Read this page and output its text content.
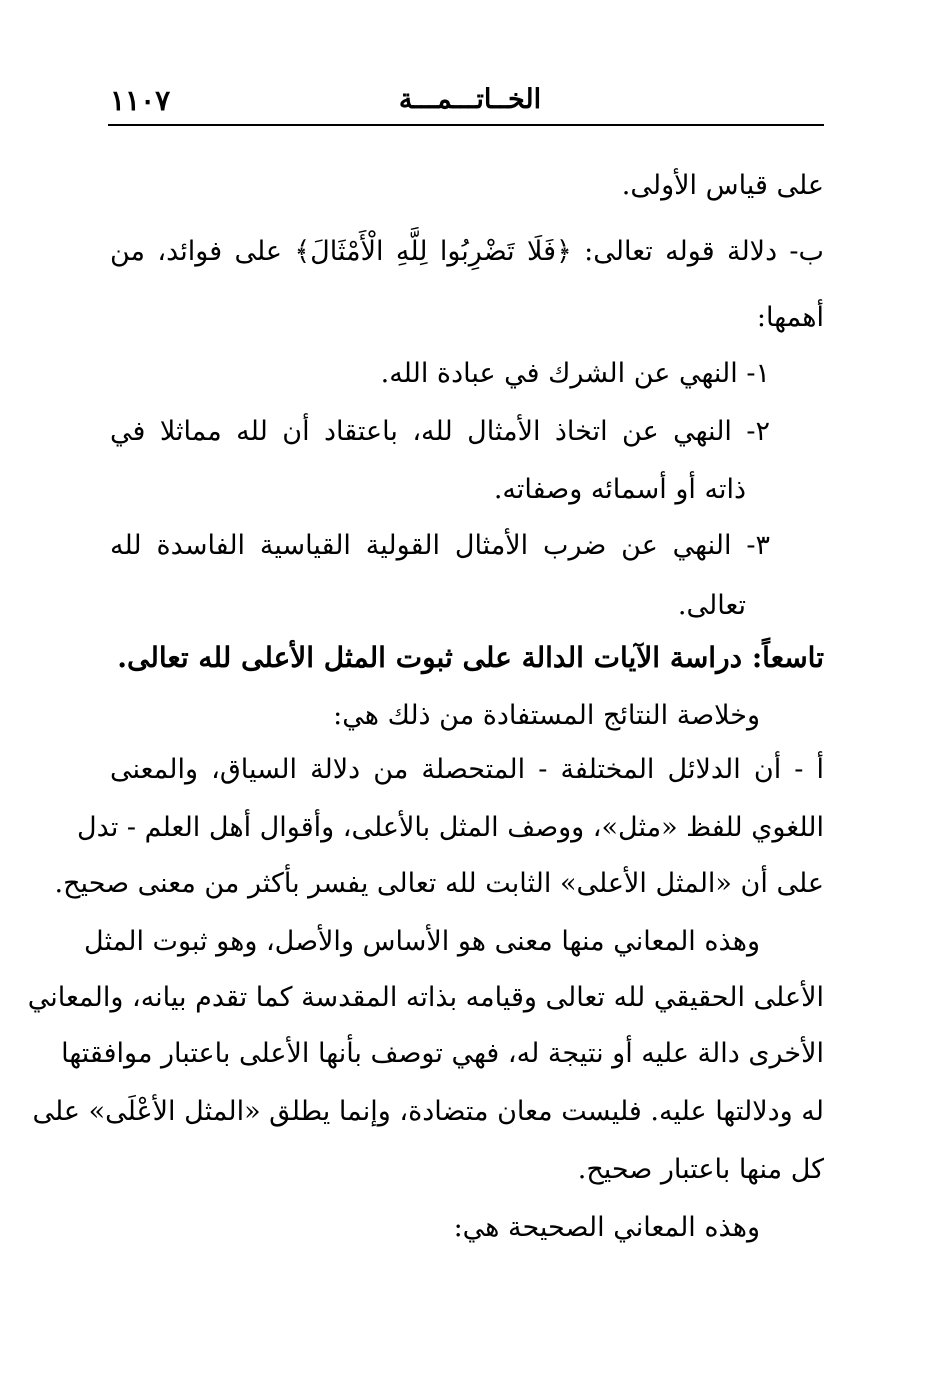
١١٠٧	الخــاتـــمـــة
على قياس الأولى.
ب- دلالة قوله تعالى: ﴿فَلَا تَضْرِبُوا لِلَّهِ الْأَمْثَالَ﴾ على فوائد، من
أهمها:
١- النهي عن الشرك في عبادة الله.
٢- النهي عن اتخاذ الأمثال لله، باعتقاد أن لله مماثلا في
ذاته أو أسمائه وصفاته.
٣- النهي عن ضرب الأمثال القولية القياسية الفاسدة لله
تعالى.
تاسعاً: دراسة الآيات الدالة على ثبوت المثل الأعلى لله تعالى.
وخلاصة النتائج المستفادة من ذلك هي:
أ - أن الدلائل المختلفة - المتحصلة من دلالة السياق، والمعنى
اللغوي للفظ «مثل»، ووصف المثل بالأعلى، وأقوال أهل العلم - تدل
على أن «المثل الأعلى» الثابت لله تعالى يفسر بأكثر من معنى صحيح.
وهذه المعاني منها معنى هو الأساس والأصل، وهو ثبوت المثل
الأعلى الحقيقي لله تعالى وقيامه بذاته المقدسة كما تقدم بيانه، والمعاني
الأخرى دالة عليه أو نتيجة له، فهي توصف بأنها الأعلى باعتبار موافقتها
له ودلالتها عليه. فليست معان متضادة، وإنما يطلق «المثل الأعْلَى» على
كل منها باعتبار صحيح.
وهذه المعاني الصحيحة هي:
